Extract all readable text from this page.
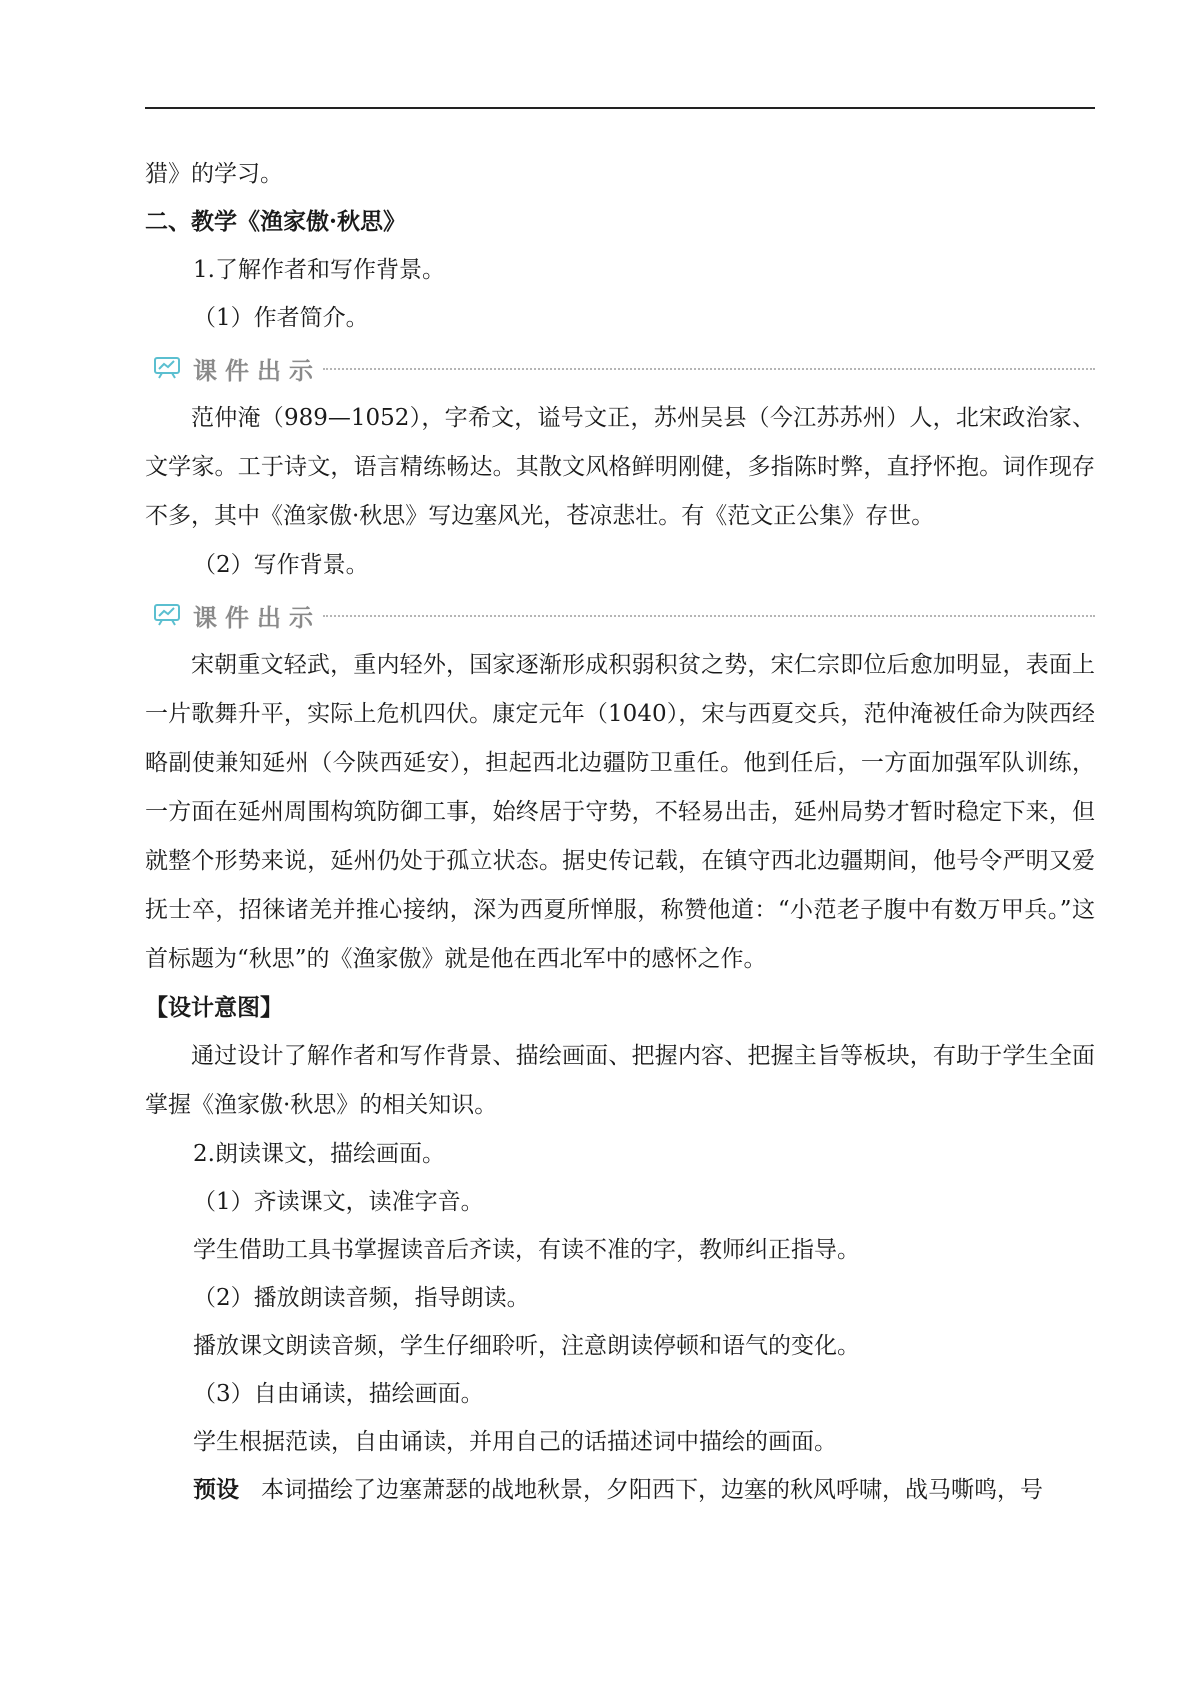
猎》的学习。

二、教学《渔家傲·秋思》

1.了解作者和写作背景。

（1）作者简介。

课件出示

范仲淹（989—1052），字希文，谥号文正，苏州吴县（今江苏苏州）人，北宋政治家、文学家。工于诗文，语言精练畅达。其散文风格鲜明刚健，多指陈时弊，直抒怀抱。词作现存不多，其中《渔家傲·秋思》写边塞风光，苍凉悲壮。有《范文正公集》存世。

（2）写作背景。

课件出示

宋朝重文轻武，重内轻外，国家逐渐形成积弱积贫之势，宋仁宗即位后愈加明显，表面上一片歌舞升平，实际上危机四伏。康定元年（1040），宋与西夏交兵，范仲淹被任命为陕西经略副使兼知延州（今陕西延安），担起西北边疆防卫重任。他到任后，一方面加强军队训练，一方面在延州周围构筑防御工事，始终居于守势，不轻易出击，延州局势才暂时稳定下来，但就整个形势来说，延州仍处于孤立状态。据史传记载，在镇守西北边疆期间，他号令严明又爱抚士卒，招徕诸羌并推心接纳，深为西夏所惮服，称赞他道：“小范老子腹中有数万甲兵。”这首标题为“秋思”的《渔家傲》就是他在西北军中的感怀之作。

【设计意图】

通过设计了解作者和写作背景、描绘画面、把握内容、把握主旨等板块，有助于学生全面掌握《渔家傲·秋思》的相关知识。

2.朗读课文，描绘画面。

（1）齐读课文，读准字音。

学生借助工具书掌握读音后齐读，有读不准的字，教师纠正指导。

（2）播放朗读音频，指导朗读。

播放课文朗读音频，学生仔细聆听，注意朗读停顿和语气的变化。

（3）自由诵读，描绘画面。

学生根据范读，自由诵读，并用自己的话描述词中描绘的画面。

预设 本词描绘了边塞萧瑟的战地秋景，夕阳西下，边塞的秋风呼啸，战马嘶鸣，号
